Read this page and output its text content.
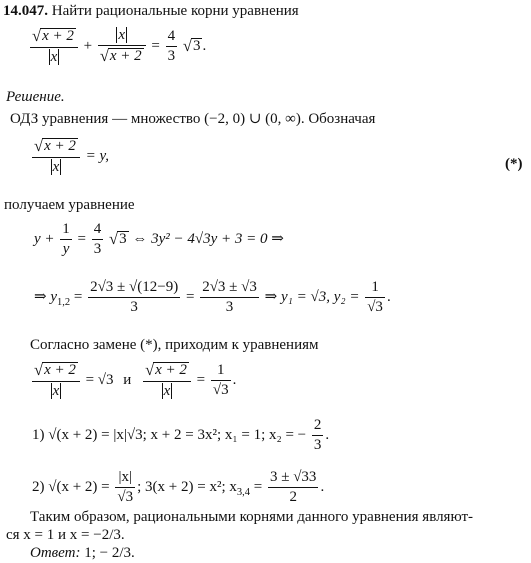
14.047. Найти рациональные корни уравнения
$\frac{√x + 2}{x} + \frac{x}{√x + 2} = \frac{4}{3} √3$ .
Решение.
ОДЗ уравнения — множество (−2, 0) ∪ (0, ∞). Обозначая
$\frac{√x + 2}{x} = y$,
(*)
получаем уравнение
$y + \frac{1}{y} = \frac{4}{3} √3$ ⇔ 3y² − 4√3y + 3 = 0 ⇒
⇒ $y_{1,2} = \frac{2√3 \pm √(12-9)}{3} = \frac{2√3 \pm √3}{3}$ ⇒ y₁ = √3, $y_2 = \frac{1}{√3}$ .
Согласно замене (*), приходим к уравнениям
$\frac{√x + 2}{x} = √3$ и $\frac{√x + 2}{x} = \frac{1}{√3}$ .
1) √(x + 2) = |x|√3; x + 2 = 3x²; x₁ = 1; x₂ = − $\frac{2}{3}$ .
2) $√(x + 2) = \frac{|x|}{√3}$ ; 3(x + 2) = x²; $x_{3,4} = \frac{3 \pm √33}{2}$ .
Таким образом, рациональными корнями данного уравнения являют-
ся x = 1 и x = −2/3.
Ответ: 1; − 2/3.
